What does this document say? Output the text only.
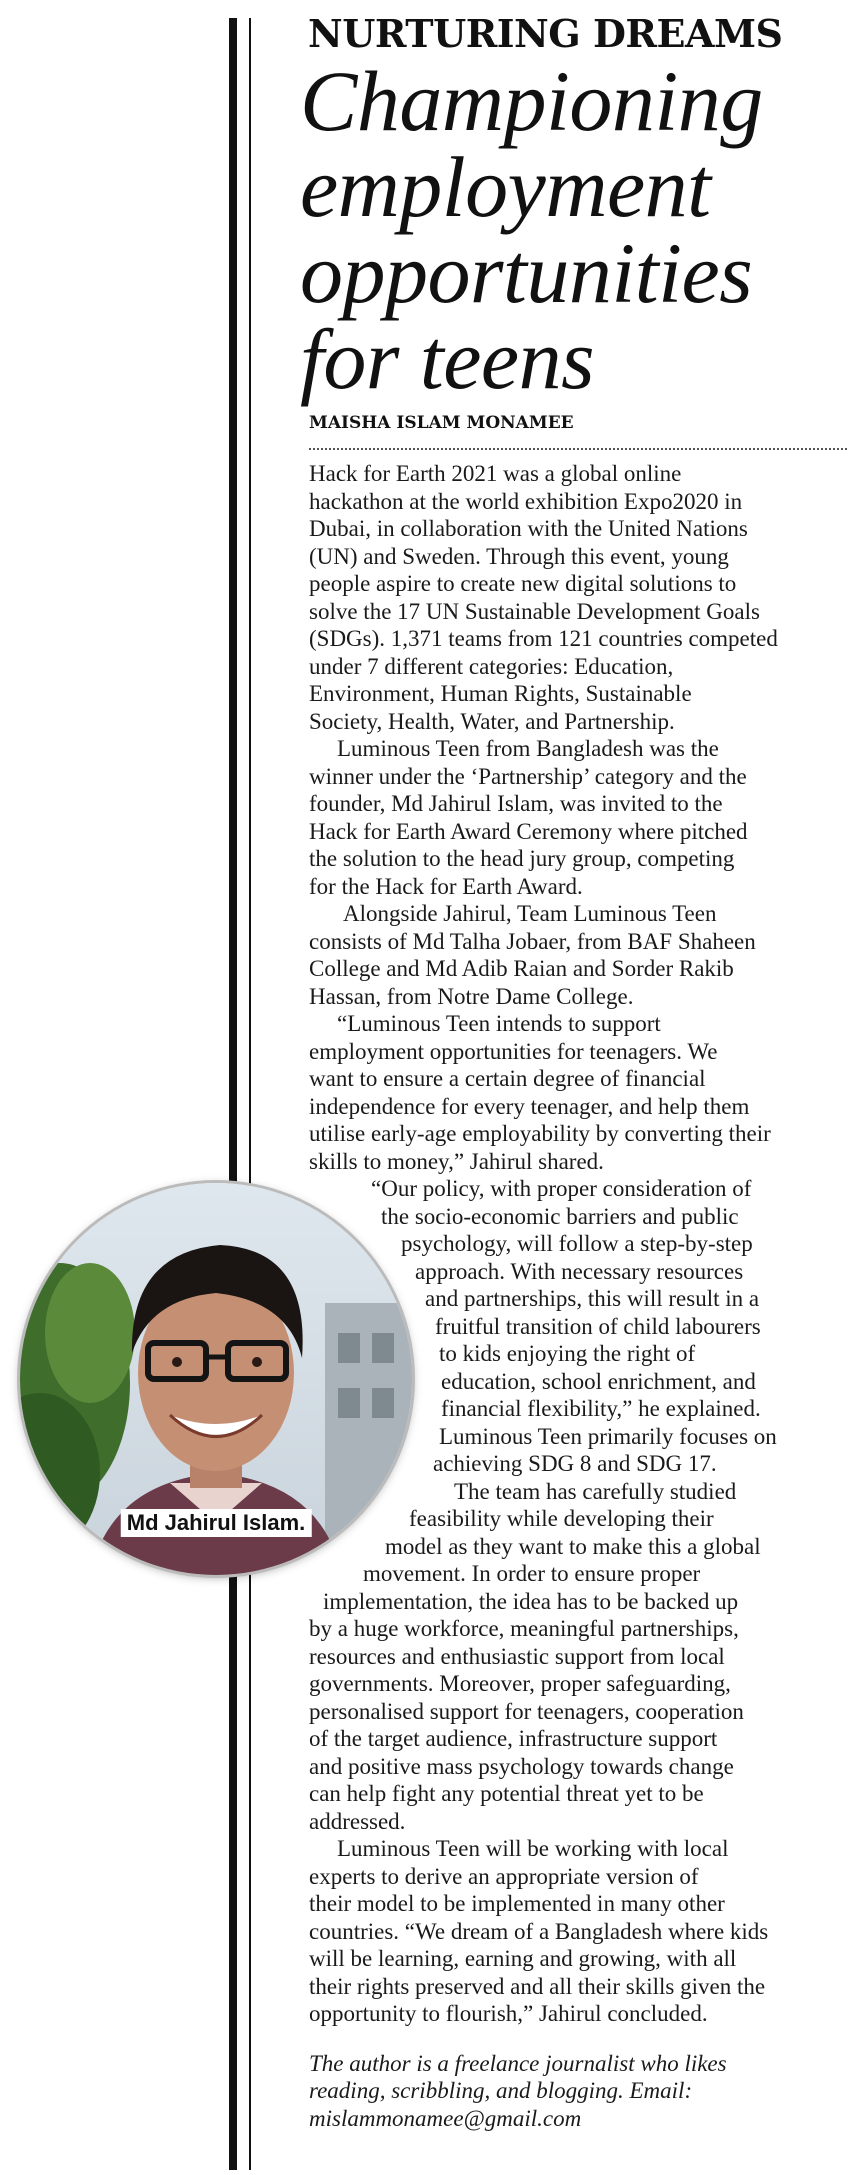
NURTURING DREAMS
Championing
employment
opportunities
for teens
MAISHA ISLAM MONAMEE
Hack for Earth 2021 was a global online
hackathon at the world exhibition Expo2020 in
Dubai, in collaboration with the United Nations
(UN) and Sweden. Through this event, young
people aspire to create new digital solutions to
solve the 17 UN Sustainable Development Goals
(SDGs). 1,371 teams from 121 countries competed
under 7 different categories: Education,
Environment, Human Rights, Sustainable
Society, Health, Water, and Partnership.
Luminous Teen from Bangladesh was the
winner under the ‘Partnership’ category and the
founder, Md Jahirul Islam, was invited to the
Hack for Earth Award Ceremony where pitched
the solution to the head jury group, competing
for the Hack for Earth Award.
Alongside Jahirul, Team Luminous Teen
consists of Md Talha Jobaer, from BAF Shaheen
College and Md Adib Raian and Sorder Rakib
Hassan, from Notre Dame College.
“Luminous Teen intends to support
employment opportunities for teenagers. We
want to ensure a certain degree of financial
independence for every teenager, and help them
utilise early-age employability by converting their
skills to money,” Jahirul shared.
“Our policy, with proper consideration of
the socio-economic barriers and public
psychology, will follow a step-by-step
approach. With necessary resources
and partnerships, this will result in a
fruitful transition of child labourers
to kids enjoying the right of
education, school enrichment, and
financial flexibility,” he explained.
Luminous Teen primarily focuses on
achieving SDG 8 and SDG 17.
The team has carefully studied
feasibility while developing their
model as they want to make this a global
movement. In order to ensure proper
implementation, the idea has to be backed up
by a huge workforce, meaningful partnerships,
resources and enthusiastic support from local
governments. Moreover, proper safeguarding,
personalised support for teenagers, cooperation
of the target audience, infrastructure support
and positive mass psychology towards change
can help fight any potential threat yet to be
addressed.
Luminous Teen will be working with local
experts to derive an appropriate version of
their model to be implemented in many other
countries. “We dream of a Bangladesh where kids
will be learning, earning and growing, with all
their rights preserved and all their skills given the
opportunity to flourish,” Jahirul concluded.
The author is a freelance journalist who likes
reading, scribbling, and blogging. Email:
mislammonamee@gmail.com
Md Jahirul Islam.
